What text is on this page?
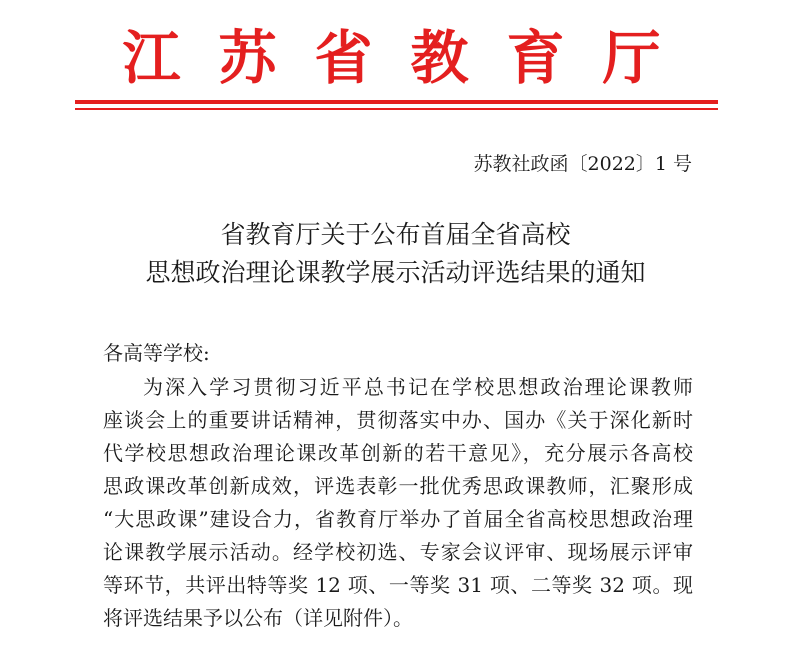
江苏省教育厅
苏教社政函〔2022〕1 号
省教育厅关于公布首届全省高校
思想政治理论课教学展示活动评选结果的通知
各高等学校:
为深入学习贯彻习近平总书记在学校思想政治理论课教师
座谈会上的重要讲话精神，贯彻落实中办、国办《关于深化新时
代学校思想政治理论课改革创新的若干意见》，充分展示各高校
思政课改革创新成效，评选表彰一批优秀思政课教师，汇聚形成
“大思政课”建设合力，省教育厅举办了首届全省高校思想政治理
论课教学展示活动。经学校初选、专家会议评审、现场展示评审
等环节，共评出特等奖 12 项、一等奖 31 项、二等奖 32 项。现
将评选结果予以公布（详见附件）。
